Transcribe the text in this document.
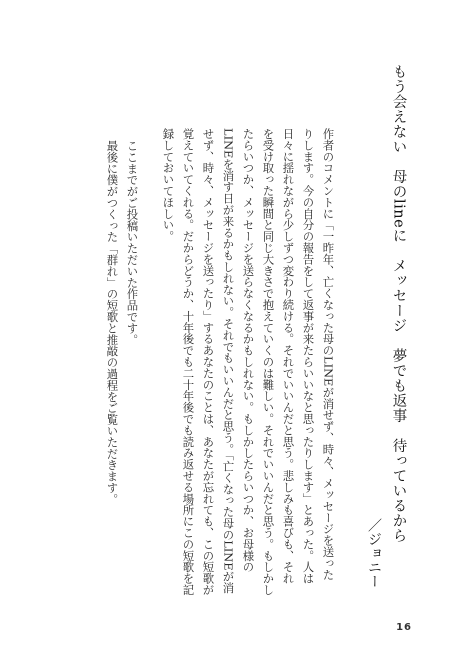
もう会えない　母のlineに　メッセージ　夢でも返事　待っているから
／ジョニー
作者のコメントに「一昨年、亡くなった母のLINEが消せず、時々、メッセージを送った
りします。今の自分の報告をして返事が来たらいいなと思ったりします」とあった。人は
日々に揺れながら少しずつ変わり続ける。それでいいんだと思う。悲しみも喜びも、それ
を受け取った瞬間と同じ大きさで抱えていくのは難しい。それでいいんだと思う。もしかし
たらいつか、メッセージを送らなくなるかもしれない。もしかしたらいつか、お母様の
LINEを消す日が来るかもしれない。それでもいいんだと思う。「亡くなった母のLINEが消
せず、時々、メッセージを送ったり」するあなたのことは、あなたが忘れても、この短歌が
覚えていてくれる。だからどうか、十年後でも二十年後でも読み返せる場所にこの短歌を記
録しておいてほしい。
ここまでがご投稿いただいた作品です。
最後に僕がつくった「群れ」の短歌と推敲の過程をご覧いただきます。
16
